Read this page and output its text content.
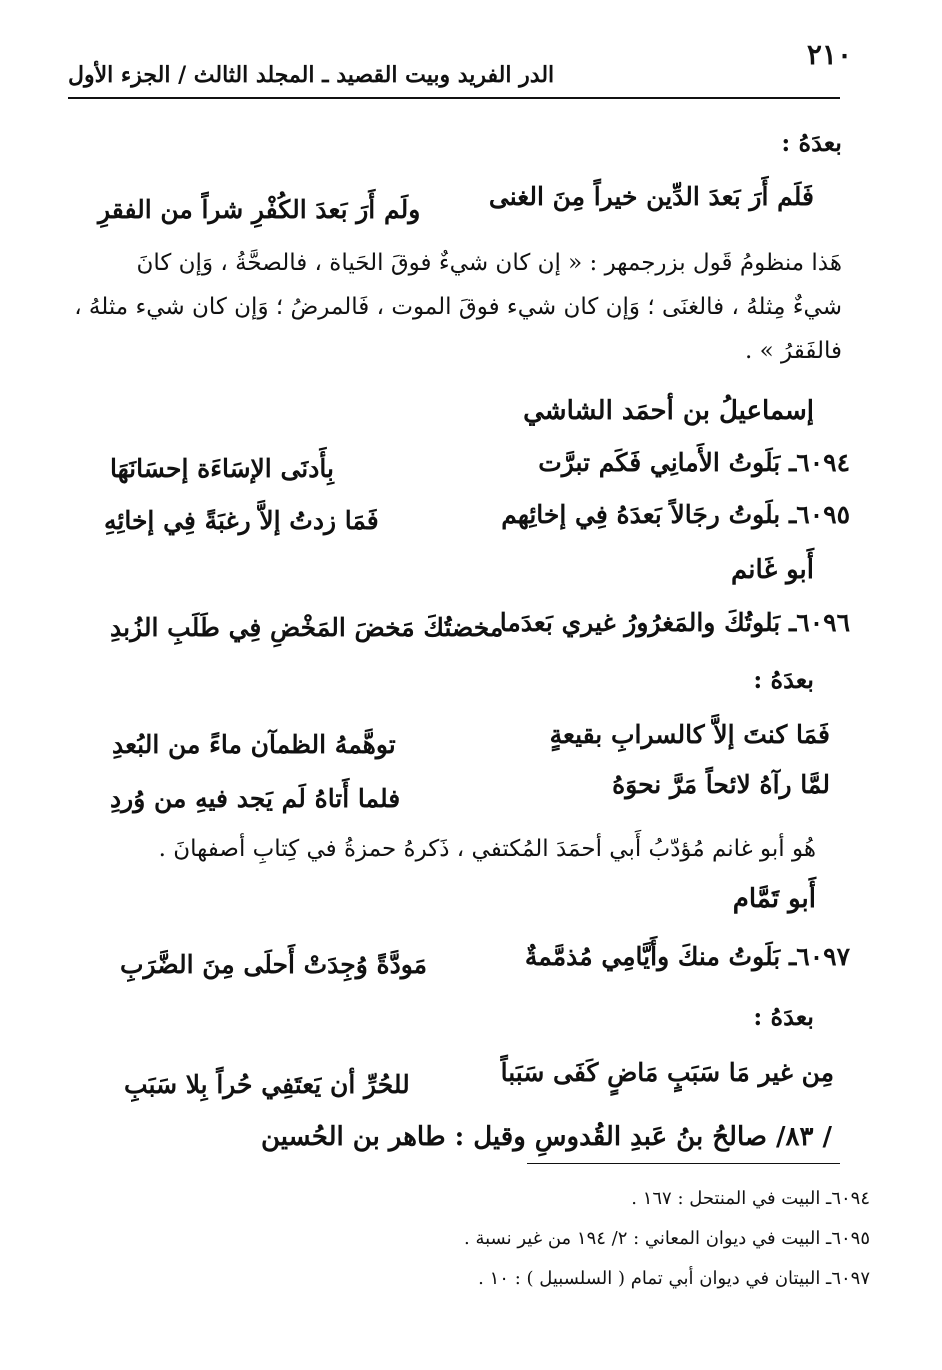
٢١٠
الدر الفريد وبيت القصيد ـ المجلد الثالث / الجزء الأول
بعدَهُ :
فَلَم أَرَ بَعدَ الدِّين خيراً مِنَ الغنى
ولَم أَرَ بَعدَ الكُفْرِ شراً من الفقرِ
هَذا منظومُ قَول بزرجمهر : « إن كان شيءٌ فوقَ الحَياة ، فالصحَّةُ ، وَإن كانَ
شيءٌ مِثلهُ ، فالغنَى ؛ وَإن كان شيء فوقَ الموت ، فَالمرضُ ؛ وَإن كان شيء مثلهُ ،
فالفَقرُ » .
إسماعيلُ بن أحمَد الشاشي
٦٠٩٤ـ بَلَوتُ الأَمانِي فَكَم تبرَّت
بِأَدنَى الإسَاءَة إحسَانَهَا
٦٠٩٥ـ بلَوتُ رجَالاً بَعدَهُ فِي إخائِهم
فَمَا زدتُ إلاَّ رغبَةً فِي إخائِهِ
أَبو غَانم
٦٠٩٦ـ بَلوتُكَ والمَغرُورُ غيري بَعدَما
مخضتُكَ مَخضَ المَخْضِ فِي طَلَبِ الزُبدِ
بعدَهُ :
فَمَا كنتَ إلاَّ كالسرابِ بقيعةٍ
توهَّمهُ الظمآن ماءً من البُعدِ
لمَّا رآهُ لائحاً مَرَّ نحوَهُ
فلما أَتاهُ لَم يَجد فيهِ من وُردِ
هُو أبو غانم مُؤدّبُ أَبي أحمَدَ المُكتفي ، ذَكرهُ حمزةُ في كِتابِ أصفهانَ .
أَبو تَمَّام
٦٠٩٧ـ بَلَوتُ منكَ وأَيَّامِي مُذمَّمةٌ
مَودَّةً وُجِدَتْ أَحلَى مِنَ الضَّرَبِ
بعدَهُ :
مِن غير مَا سَبَبٍ مَاضٍ كَفَى سَبَباً
للحُرِّ أن يَعتَفِي حُراً بِلا سَبَبِ
/ ٨٣/ صالحُ بنُ عَبدِ القُدوسِ وقيل : طاهر بن الحُسين
٦٠٩٤ـ البيت في المنتحل : ١٦٧ .
٦٠٩٥ـ البيت في ديوان المعاني : ٢/ ١٩٤ من غير نسبة .
٦٠٩٧ـ البيتان في ديوان أبي تمام ( السلسبيل ) : ١٠ .
